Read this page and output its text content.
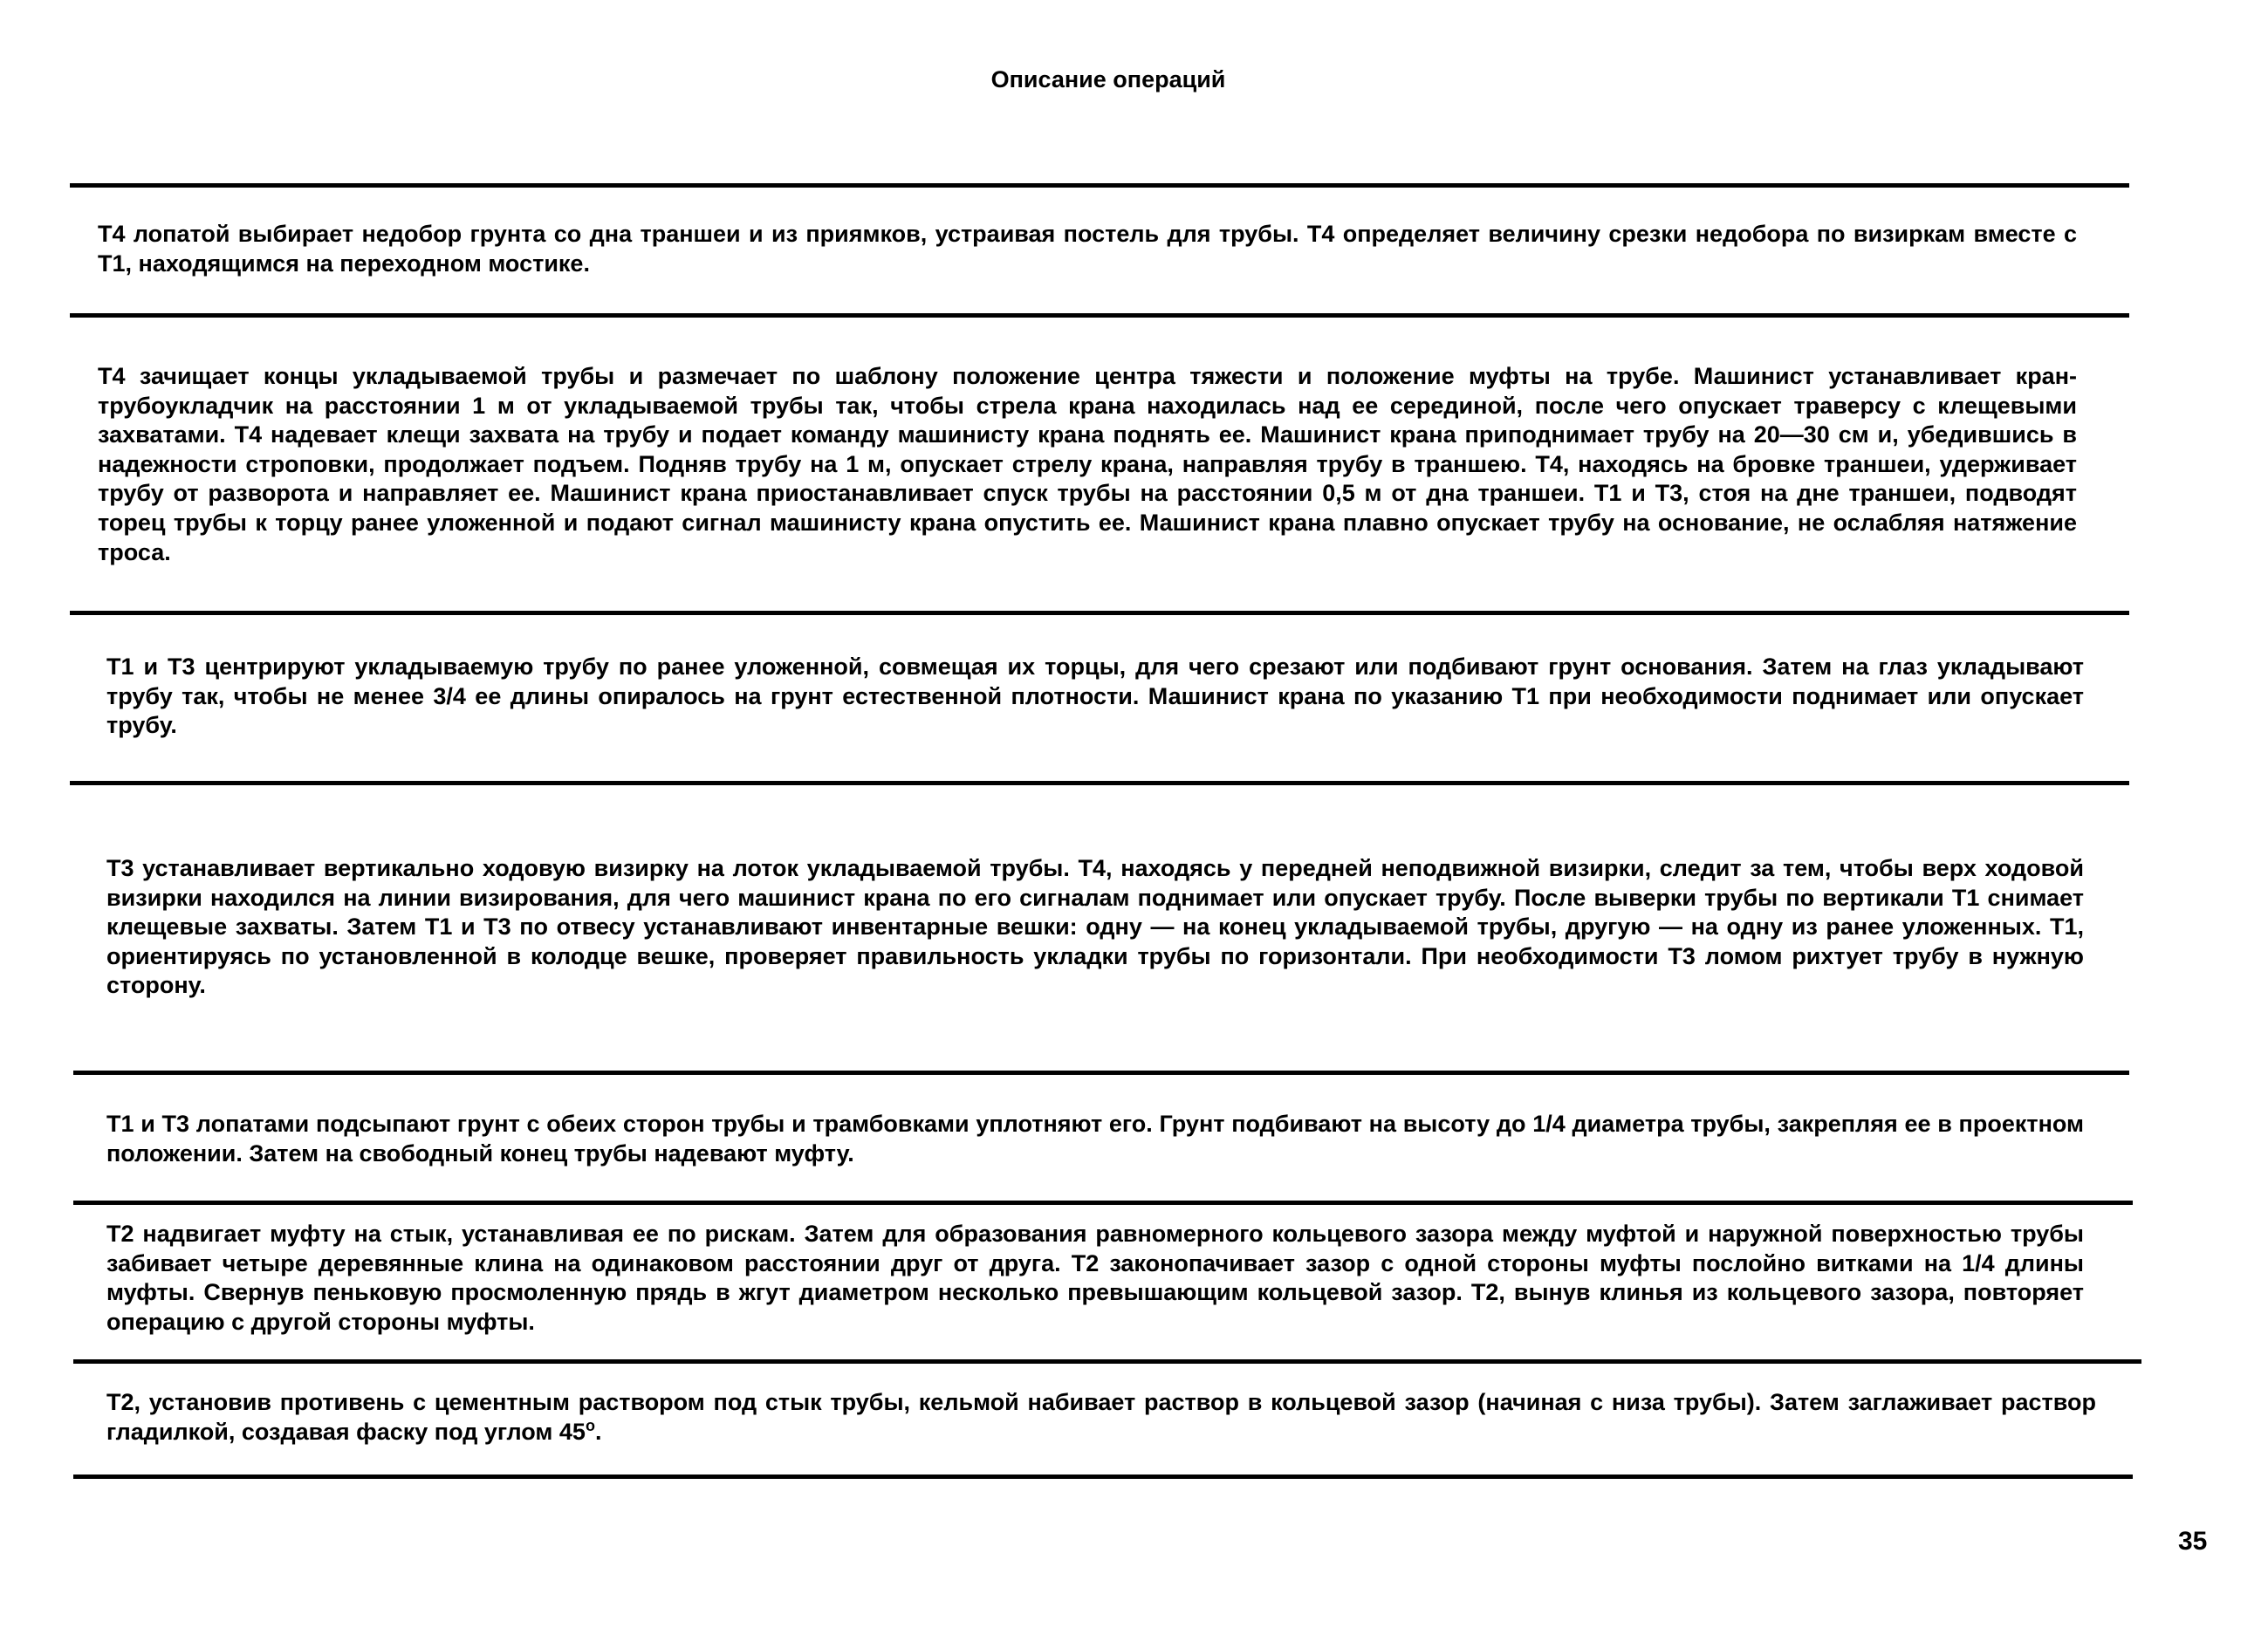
Описание операций

Т4 лопатой выбирает недобор грунта со дна траншеи и из приямков, устраивая постель для трубы. Т4 определяет величину срезки недобора по визиркам вместе с Т1, находящимся на переходном мостике.

Т4 зачищает концы укладываемой трубы и размечает по шаблону положение центра тяжести и положение муфты на трубе. Машинист устанавливает кран-трубоукладчик на расстоянии 1 м от укладываемой трубы так, чтобы стрела крана находилась над ее серединой, после чего опускает траверсу с клещевыми захватами. Т4 надевает клещи захвата на трубу и подает команду машинисту крана поднять ее. Машинист крана приподнимает трубу на 20—30 см и, убедившись в надежности строповки, продолжает подъем. Подняв трубу на 1 м, опускает стрелу крана, направляя трубу в траншею. Т4, находясь на бровке траншеи, удерживает трубу от разворота и направляет ее. Машинист крана приостанавливает спуск трубы на расстоянии 0,5 м от дна траншеи. Т1 и Т3, стоя на дне траншеи, подводят торец трубы к торцу ранее уложенной и подают сигнал машинисту крана опустить ее. Машинист крана плавно опускает трубу на основание, не ослабляя натяжение троса.

Т1 и Т3 центрируют укладываемую трубу по ранее уложенной, совмещая их торцы, для чего срезают или подбивают грунт основания. Затем на глаз укладывают трубу так, чтобы не менее 3/4 ее длины опиралось на грунт естественной плотности. Машинист крана по указанию Т1 при необходимости поднимает или опускает трубу.

Т3 устанавливает вертикально ходовую визирку на лоток укладываемой трубы. Т4, находясь у передней неподвижной визирки, следит за тем, чтобы верх ходовой визирки находился на линии визирования, для чего машинист крана по его сигналам поднимает или опускает трубу. После выверки трубы по вертикали Т1 снимает клещевые захваты. Затем Т1 и Т3 по отвесу устанавливают инвентарные вешки: одну — на конец укладываемой трубы, другую — на одну из ранее уложенных. Т1, ориентируясь по установленной в колодце вешке, проверяет правильность укладки трубы по горизонтали. При необходимости Т3 ломом рихтует трубу в нужную сторону.

Т1 и Т3 лопатами подсыпают грунт с обеих сторон трубы и трамбовками уплотняют его. Грунт подбивают на высоту до 1/4 диаметра трубы, закрепляя ее в проектном положении. Затем на свободный конец трубы надевают муфту.

Т2 надвигает муфту на стык, устанавливая ее по рискам. Затем для образования равномерного кольцевого зазора между муфтой и наружной поверхностью трубы забивает четыре деревянные клина на одинаковом расстоянии друг от друга. Т2 законопачивает зазор с одной стороны муфты послойно витками на 1/4 длины муфты. Свернув пеньковую просмоленную прядь в жгут диаметром несколько превышающим кольцевой зазор. Т2, вынув клинья из кольцевого зазора, повторяет операцию с другой стороны муфты.

Т2, установив противень с цементным раствором под стык трубы, кельмой набивает раствор в кольцевой зазор (начиная с низа трубы). Затем заглаживает раствор гладилкой, создавая фаску под углом $45^о$.

35
